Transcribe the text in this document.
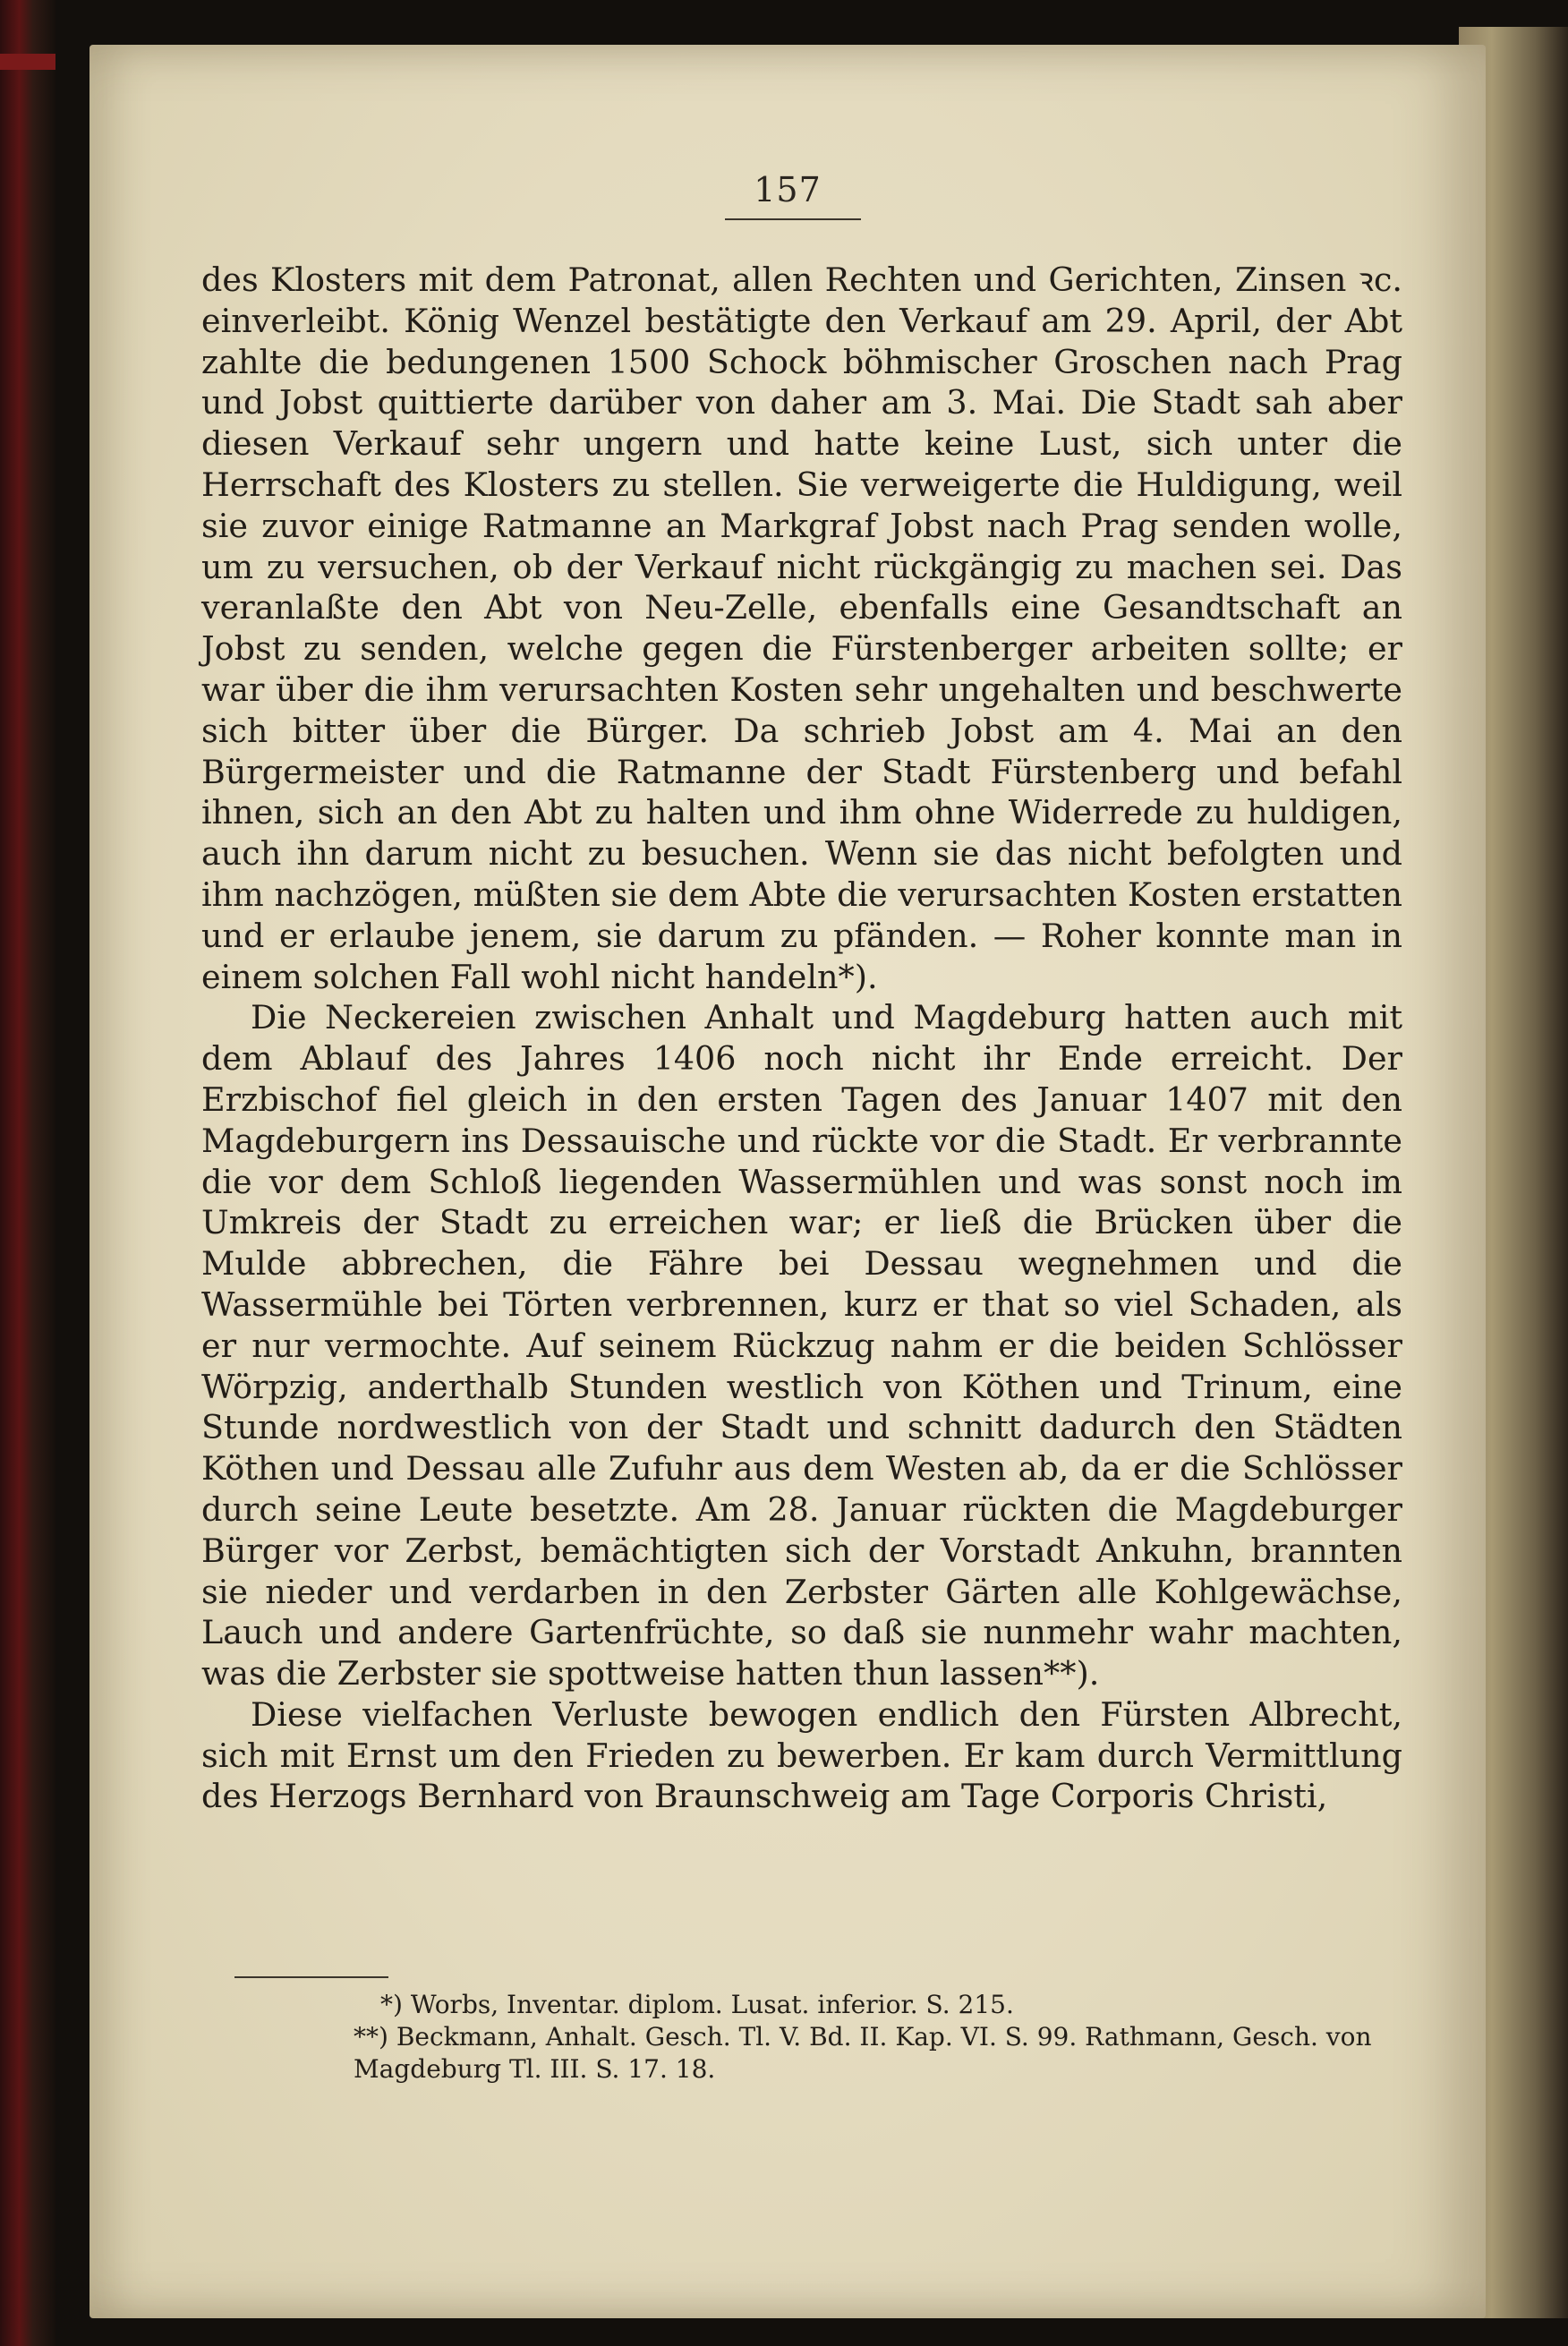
157

des Klosters mit dem Patronat, allen Rechten und Gerichten, Zinsen ꝛc. einverleibt. König Wenzel bestätigte den Verkauf am 29. April, der Abt zahlte die bedungenen 1500 Schock böhmischer Groschen nach Prag und Jobst quittierte darüber von daher am 3. Mai. Die Stadt sah aber diesen Verkauf sehr ungern und hatte keine Lust, sich unter die Herrschaft des Klosters zu stellen. Sie verweigerte die Huldigung, weil sie zuvor einige Ratmanne an Markgraf Jobst nach Prag senden wolle, um zu versuchen, ob der Verkauf nicht rückgängig zu machen sei. Das veranlaßte den Abt von Neu-Zelle, ebenfalls eine Gesandtschaft an Jobst zu senden, welche gegen die Fürstenberger arbeiten sollte; er war über die ihm verursachten Kosten sehr ungehalten und beschwerte sich bitter über die Bürger. Da schrieb Jobst am 4. Mai an den Bürgermeister und die Ratmanne der Stadt Fürstenberg und befahl ihnen, sich an den Abt zu halten und ihm ohne Widerrede zu huldigen, auch ihn darum nicht zu besuchen. Wenn sie das nicht befolgten und ihm nachzögen, müßten sie dem Abte die verursachten Kosten erstatten und er erlaube jenem, sie darum zu pfänden. — Roher konnte man in einem solchen Fall wohl nicht handeln*).

Die Neckereien zwischen Anhalt und Magdeburg hatten auch mit dem Ablauf des Jahres 1406 noch nicht ihr Ende erreicht. Der Erzbischof fiel gleich in den ersten Tagen des Januar 1407 mit den Magdeburgern ins Dessauische und rückte vor die Stadt. Er verbrannte die vor dem Schloß liegenden Wassermühlen und was sonst noch im Umkreis der Stadt zu erreichen war; er ließ die Brücken über die Mulde abbrechen, die Fähre bei Dessau wegnehmen und die Wassermühle bei Törten verbrennen, kurz er that so viel Schaden, als er nur vermochte. Auf seinem Rückzug nahm er die beiden Schlösser Wörpzig, anderthalb Stunden westlich von Köthen und Trinum, eine Stunde nordwestlich von der Stadt und schnitt dadurch den Städten Köthen und Dessau alle Zufuhr aus dem Westen ab, da er die Schlösser durch seine Leute besetzte. Am 28. Januar rückten die Magdeburger Bürger vor Zerbst, bemächtigten sich der Vorstadt Ankuhn, brannten sie nieder und verdarben in den Zerbster Gärten alle Kohlgewächse, Lauch und andere Gartenfrüchte, so daß sie nunmehr wahr machten, was die Zerbster sie spottweise hatten thun lassen**).

Diese vielfachen Verluste bewogen endlich den Fürsten Albrecht, sich mit Ernst um den Frieden zu bewerben. Er kam durch Vermittlung des Herzogs Bernhard von Braunschweig am Tage Corporis Christi,

*) Worbs, Inventar. diplom. Lusat. inferior. S. 215.

**) Beckmann, Anhalt. Gesch. Tl. V. Bd. II. Kap. VI. S. 99. Rathmann, Gesch. von Magdeburg Tl. III. S. 17. 18.
